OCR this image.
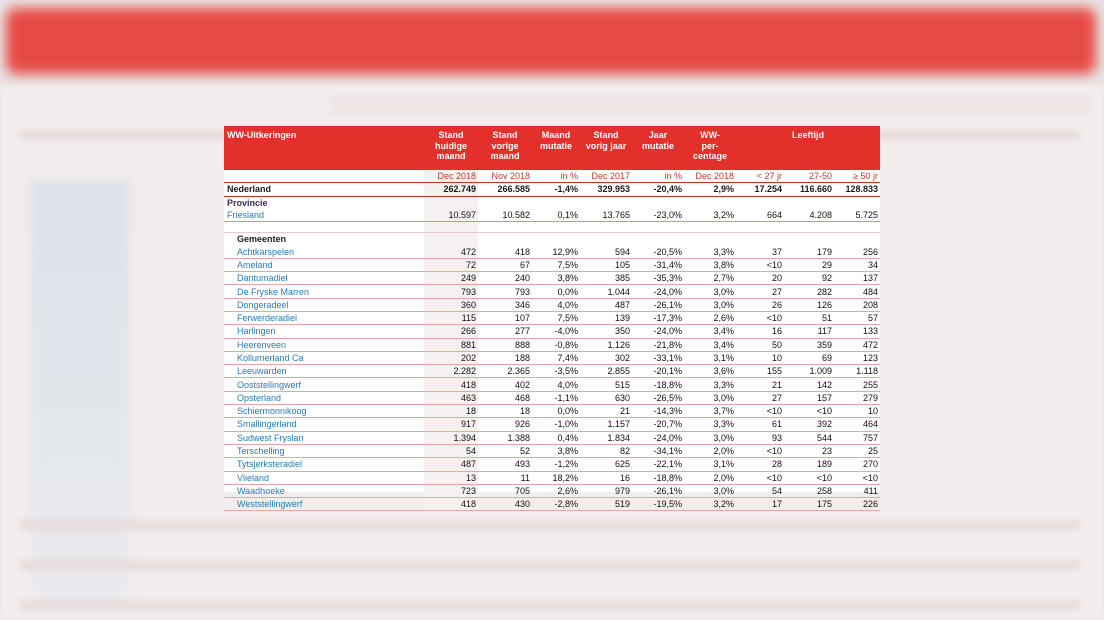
WW-Uitkeringen	Stand
huidige
maand	Stand
vorige
maand	Maand
mutatie	Stand
vorig jaar	Jaar
mutatie	WW-
per-
centage	Leeftijd		
	Dec 2018	Nov 2018	in %	Dec 2017	in %	Dec 2018	< 27 jr	27-50	≥ 50 jr
Nederland	262.749	266.585	-1,4%	329.953	-20,4%	2,9%	17.254	116.660	128.833
Provincie									
Friesland	10.597	10.582	0,1%	13.765	-23,0%	3,2%	664	4.208	5.725

Gemeenten									
Achtkarspelen	472	418	12,9%	594	-20,5%	3,3%	37	179	256
Ameland	72	67	7,5%	105	-31,4%	3,8%	<10	29	34
Dantumadiel	249	240	3,8%	385	-35,3%	2,7%	20	92	137
De Fryske Marren	793	793	0,0%	1.044	-24,0%	3,0%	27	282	484
Dongeradeel	360	346	4,0%	487	-26,1%	3,0%	26	126	208
Ferwerderadiel	115	107	7,5%	139	-17,3%	2,6%	<10	51	57
Harlingen	266	277	-4,0%	350	-24,0%	3,4%	16	117	133
Heerenveen	881	888	-0,8%	1.126	-21,8%	3,4%	50	359	472
Kollumerland Ca	202	188	7,4%	302	-33,1%	3,1%	10	69	123
Leeuwarden	2.282	2.365	-3,5%	2.855	-20,1%	3,6%	155	1.009	1.118
Ooststellingwerf	418	402	4,0%	515	-18,8%	3,3%	21	142	255
Opsterland	463	468	-1,1%	630	-26,5%	3,0%	27	157	279
Schiermonnikoog	18	18	0,0%	21	-14,3%	3,7%	<10	<10	10
Smallingerland	917	926	-1,0%	1.157	-20,7%	3,3%	61	392	464
Sudwest Fryslan	1.394	1.388	0,4%	1.834	-24,0%	3,0%	93	544	757
Terschelling	54	52	3,8%	82	-34,1%	2,0%	<10	23	25
Tytsjerksteradiel	487	493	-1,2%	625	-22,1%	3,1%	28	189	270
Vlieland	13	11	18,2%	16	-18,8%	2,0%	<10	<10	<10
Waadhoeke	723	705	2,6%	979	-26,1%	3,0%	54	258	411
Weststellingwerf	418	430	-2,8%	519	-19,5%	3,2%	17	175	226
